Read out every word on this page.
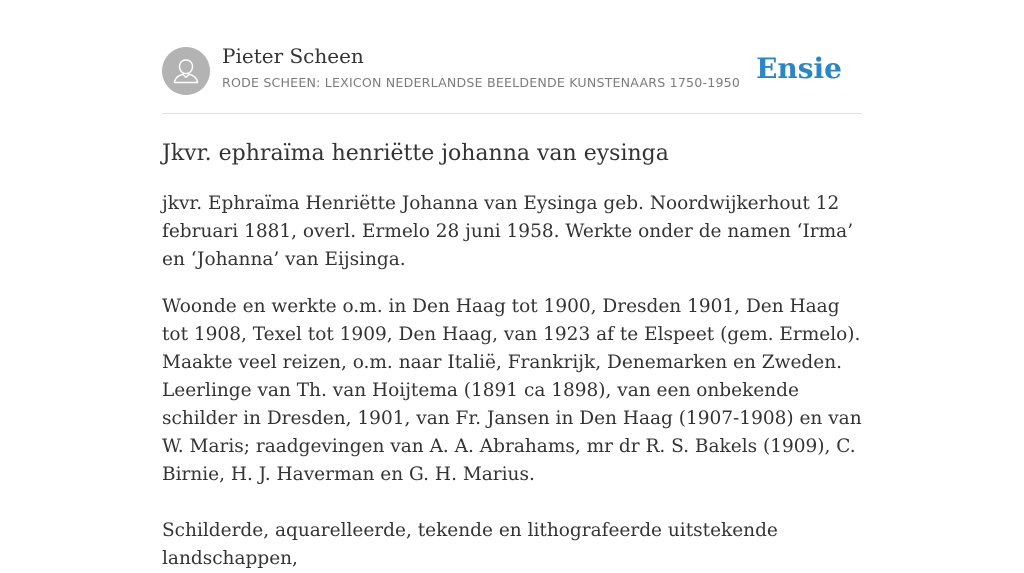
Pieter Scheen
RODE SCHEEN: LEXICON NEDERLANDSE BEELDENDE KUNSTENAARS 1750-1950 Ensie
Jkvr. ephraïma henriëtte johanna van eysinga

jkvr. Ephraïma Henriëtte Johanna van Eysinga geb. Noordwijkerhout 12 februari 1881, overl. Ermelo 28 juni 1958. Werkte onder de namen ‘Irma’ en ‘Johanna’ van Eijsinga.

Woonde en werkte o.m. in Den Haag tot 1900, Dresden 1901, Den Haag tot 1908, Texel tot 1909, Den Haag, van 1923 af te Elspeet (gem. Ermelo). Maakte veel reizen, o.m. naar Italië, Frankrijk, Denemarken en Zweden. Leerlinge van Th. van Hoijtema (1891 ca 1898), van een onbekende schilder in Dresden, 1901, van Fr. Jansen in Den Haag (1907-1908) en van W. Maris; raadgevingen van A. A. Abrahams, mr dr R. S. Bakels (1909), C. Birnie, H. J. Haverman en G. H. Marius.

Schilderde, aquarelleerde, tekende en lithografeerde uitstekende landschappen,
